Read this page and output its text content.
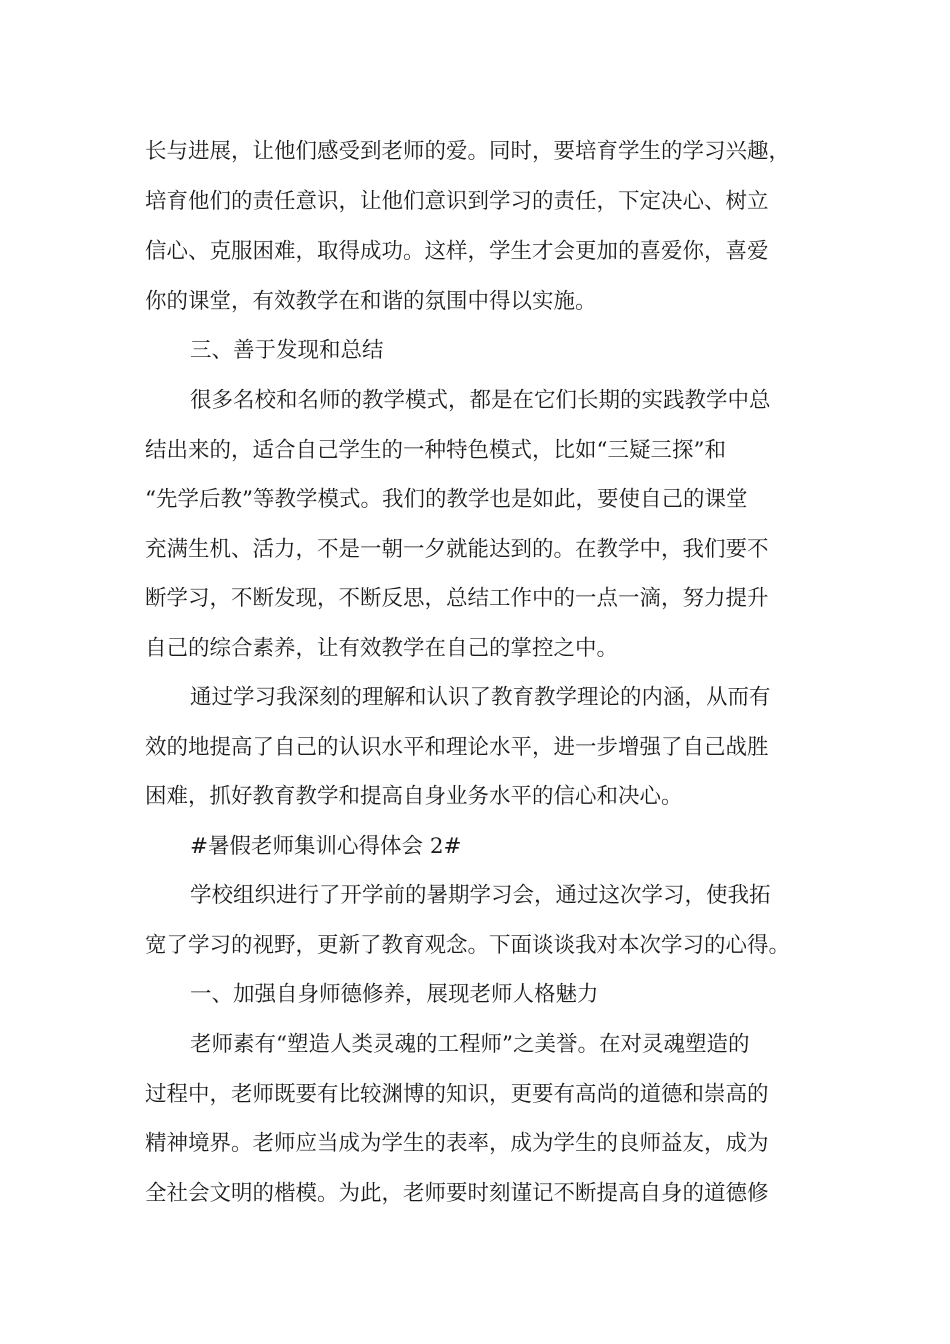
长与进展，让他们感受到老师的爱。同时，要培育学生的学习兴趣，
培育他们的责任意识，让他们意识到学习的责任，下定决心、树立
信心、克服困难，取得成功。这样，学生才会更加的喜爱你，喜爱
你的课堂，有效教学在和谐的氛围中得以实施。
三、善于发现和总结
很多名校和名师的教学模式，都是在它们长期的实践教学中总
结出来的，适合自己学生的一种特色模式，比如“三疑三探”和
“先学后教”等教学模式。我们的教学也是如此，要使自己的课堂
充满生机、活力，不是一朝一夕就能达到的。在教学中，我们要不
断学习，不断发现，不断反思，总结工作中的一点一滴，努力提升
自己的综合素养，让有效教学在自己的掌控之中。
通过学习我深刻的理解和认识了教育教学理论的内涵，从而有
效的地提高了自己的认识水平和理论水平，进一步增强了自己战胜
困难，抓好教育教学和提高自身业务水平的信心和决心。
#暑假老师集训心得体会 2#
学校组织进行了开学前的暑期学习会，通过这次学习，使我拓
宽了学习的视野，更新了教育观念。下面谈谈我对本次学习的心得。
一、加强自身师德修养，展现老师人格魅力
老师素有“塑造人类灵魂的工程师”之美誉。在对灵魂塑造的
过程中，老师既要有比较渊博的知识，更要有高尚的道德和崇高的
精神境界。老师应当成为学生的表率，成为学生的良师益友，成为
全社会文明的楷模。为此，老师要时刻谨记不断提高自身的道德修
